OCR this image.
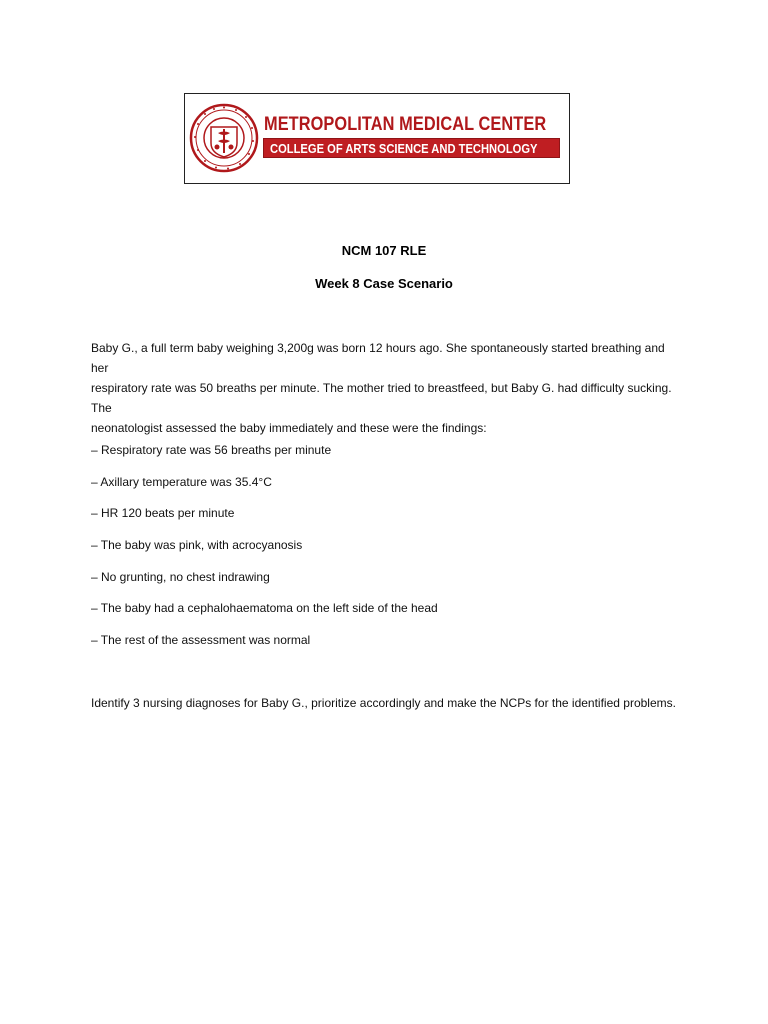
METROPOLITAN MEDICAL CENTER
COLLEGE OF ARTS SCIENCE AND TECHNOLOGY
NCM 107 RLE
Week 8 Case Scenario
Baby G., a full term baby weighing 3,200g was born 12 hours ago. She spontaneously started breathing and her
respiratory rate was 50 breaths per minute. The mother tried to breastfeed, but Baby G. had difficulty sucking. The
neonatologist assessed the baby immediately and these were the findings:
– Respiratory rate was 56 breaths per minute
– Axillary temperature was 35.4°C
– HR 120 beats per minute
– The baby was pink, with acrocyanosis
– No grunting, no chest indrawing
– The baby had a cephalohaematoma on the left side of the head
– The rest of the assessment was normal
Identify 3 nursing diagnoses for Baby G., prioritize accordingly and make the NCPs for the identified problems.
